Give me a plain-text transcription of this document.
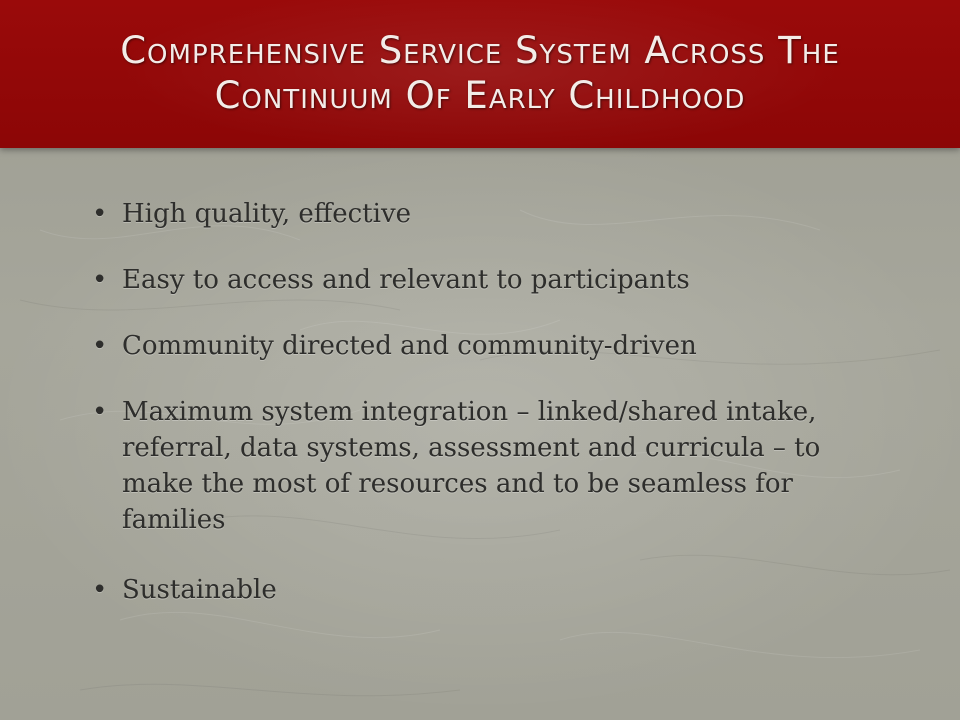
Comprehensive Service System Across The Continuum Of Early Childhood
• High quality, effective
• Easy to access and relevant to participants
• Community directed and community-driven
• Maximum system integration – linked/shared intake, referral, data systems, assessment and curricula – to make the most of resources and to be seamless for families
• Sustainable
